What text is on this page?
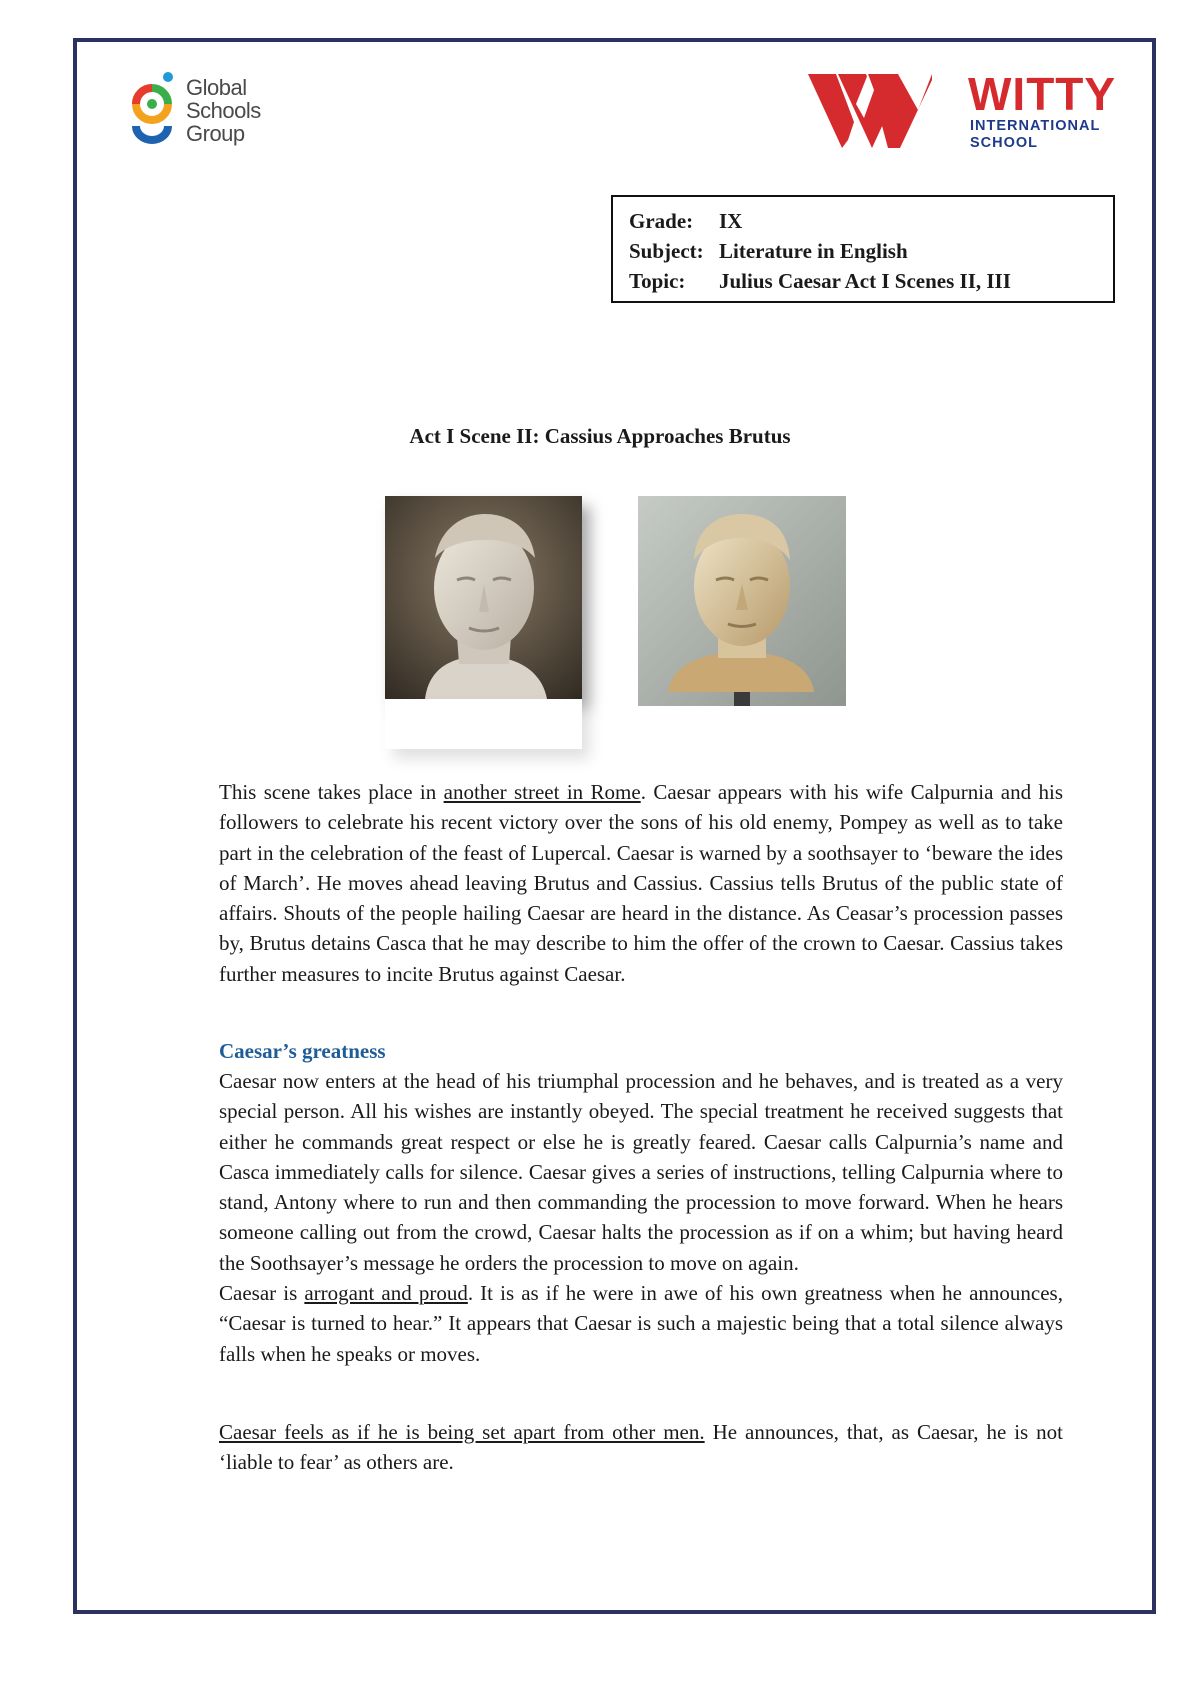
Global
Schools
Group
WITTY
INTERNATIONAL
SCHOOL
Grade: IX
Subject: Literature in English
Topic: Julius Caesar Act I Scenes II, III
Act I Scene II: Cassius Approaches Brutus

This scene takes place in another street in Rome. Caesar appears with his wife Calpurnia and his followers to celebrate his recent victory over the sons of his old enemy, Pompey as well as to take part in the celebration of the feast of Lupercal. Caesar is warned by a soothsayer to ‘beware the ides of March’. He moves ahead leaving Brutus and Cassius. Cassius tells Brutus of the public state of affairs. Shouts of the people hailing Caesar are heard in the distance. As Ceasar’s procession passes by, Brutus detains Casca that he may describe to him the offer of the crown to Caesar. Cassius takes further measures to incite Brutus against Caesar.

Caesar’s greatness

Caesar now enters at the head of his triumphal procession and he behaves, and is treated as a very special person. All his wishes are instantly obeyed. The special treatment he received suggests that either he commands great respect or else he is greatly feared. Caesar calls Calpurnia’s name and Casca immediately calls for silence. Caesar gives a series of instructions, telling Calpurnia where to stand, Antony where to run and then commanding the procession to move forward. When he hears someone calling out from the crowd, Caesar halts the procession as if on a whim; but having heard the Soothsayer’s message he orders the procession to move on again.

Caesar is arrogant and proud. It is as if he were in awe of his own greatness when he announces, “Caesar is turned to hear.” It appears that Caesar is such a majestic being that a total silence always falls when he speaks or moves.

Caesar feels as if he is being set apart from other men. He announces, that, as Caesar, he is not ‘liable to fear’ as others are.
